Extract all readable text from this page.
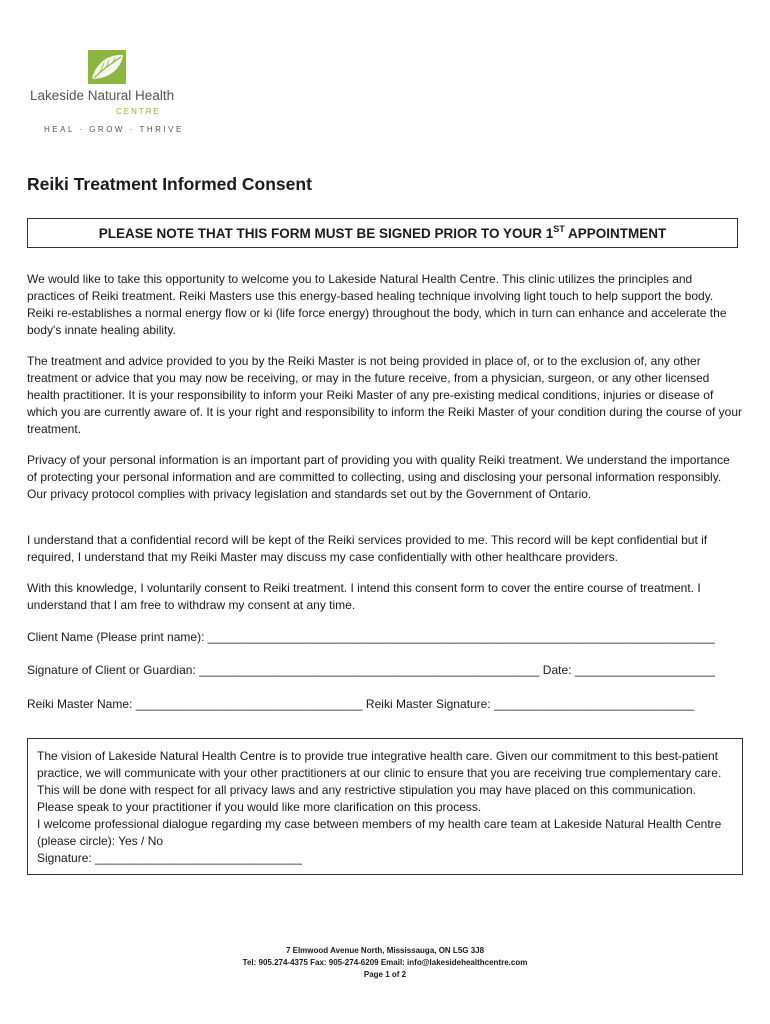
Lakeside Natural Health
CENTRE
HEAL · GROW · THRIVE
Reiki Treatment Informed Consent
PLEASE NOTE THAT THIS FORM MUST BE SIGNED PRIOR TO YOUR 1ST APPOINTMENT

We would like to take this opportunity to welcome you to Lakeside Natural Health Centre. This clinic utilizes the principles and practices of Reiki treatment. Reiki Masters use this energy-based healing technique involving light touch to help support the body. Reiki re-establishes a normal energy flow or ki (life force energy) throughout the body, which in turn can enhance and accelerate the body's innate healing ability.

The treatment and advice provided to you by the Reiki Master is not being provided in place of, or to the exclusion of, any other treatment or advice that you may now be receiving, or may in the future receive, from a physician, surgeon, or any other licensed health practitioner. It is your responsibility to inform your Reiki Master of any pre-existing medical conditions, injuries or disease of which you are currently aware of. It is your right and responsibility to inform the Reiki Master of your condition during the course of your treatment.

Privacy of your personal information is an important part of providing you with quality Reiki treatment. We understand the importance of protecting your personal information and are committed to collecting, using and disclosing your personal information responsibly. Our privacy protocol complies with privacy legislation and standards set out by the Government of Ontario.

I understand that a confidential record will be kept of the Reiki services provided to me. This record will be kept confidential but if required, I understand that my Reiki Master may discuss my case confidentially with other healthcare providers.

With this knowledge, I voluntarily consent to Reiki treatment. I intend this consent form to cover the entire course of treatment. I understand that I am free to withdraw my consent at any time.

Client Name (Please print name): ____________________________________________________________________________
Signature of Client or Guardian: ___________________________________________________ Date: _____________________
Reiki Master Name: __________________________________ Reiki Master Signature: ______________________________

The vision of Lakeside Natural Health Centre is to provide true integrative health care. Given our commitment to this best-patient practice, we will communicate with your other practitioners at our clinic to ensure that you are receiving true complementary care. This will be done with respect for all privacy laws and any restrictive stipulation you may have placed on this communication. Please speak to your practitioner if you would like more clarification on this process.

I welcome professional dialogue regarding my case between members of my health care team at Lakeside Natural Health Centre (please circle): Yes / No

Signature: _______________________________

7 Elmwood Avenue North, Mississauga, ON L5G 3J8
Tel: 905.274-4375 Fax: 905-274-6209 Email: info@lakesidehealthcentre.com
Page 1 of 2
